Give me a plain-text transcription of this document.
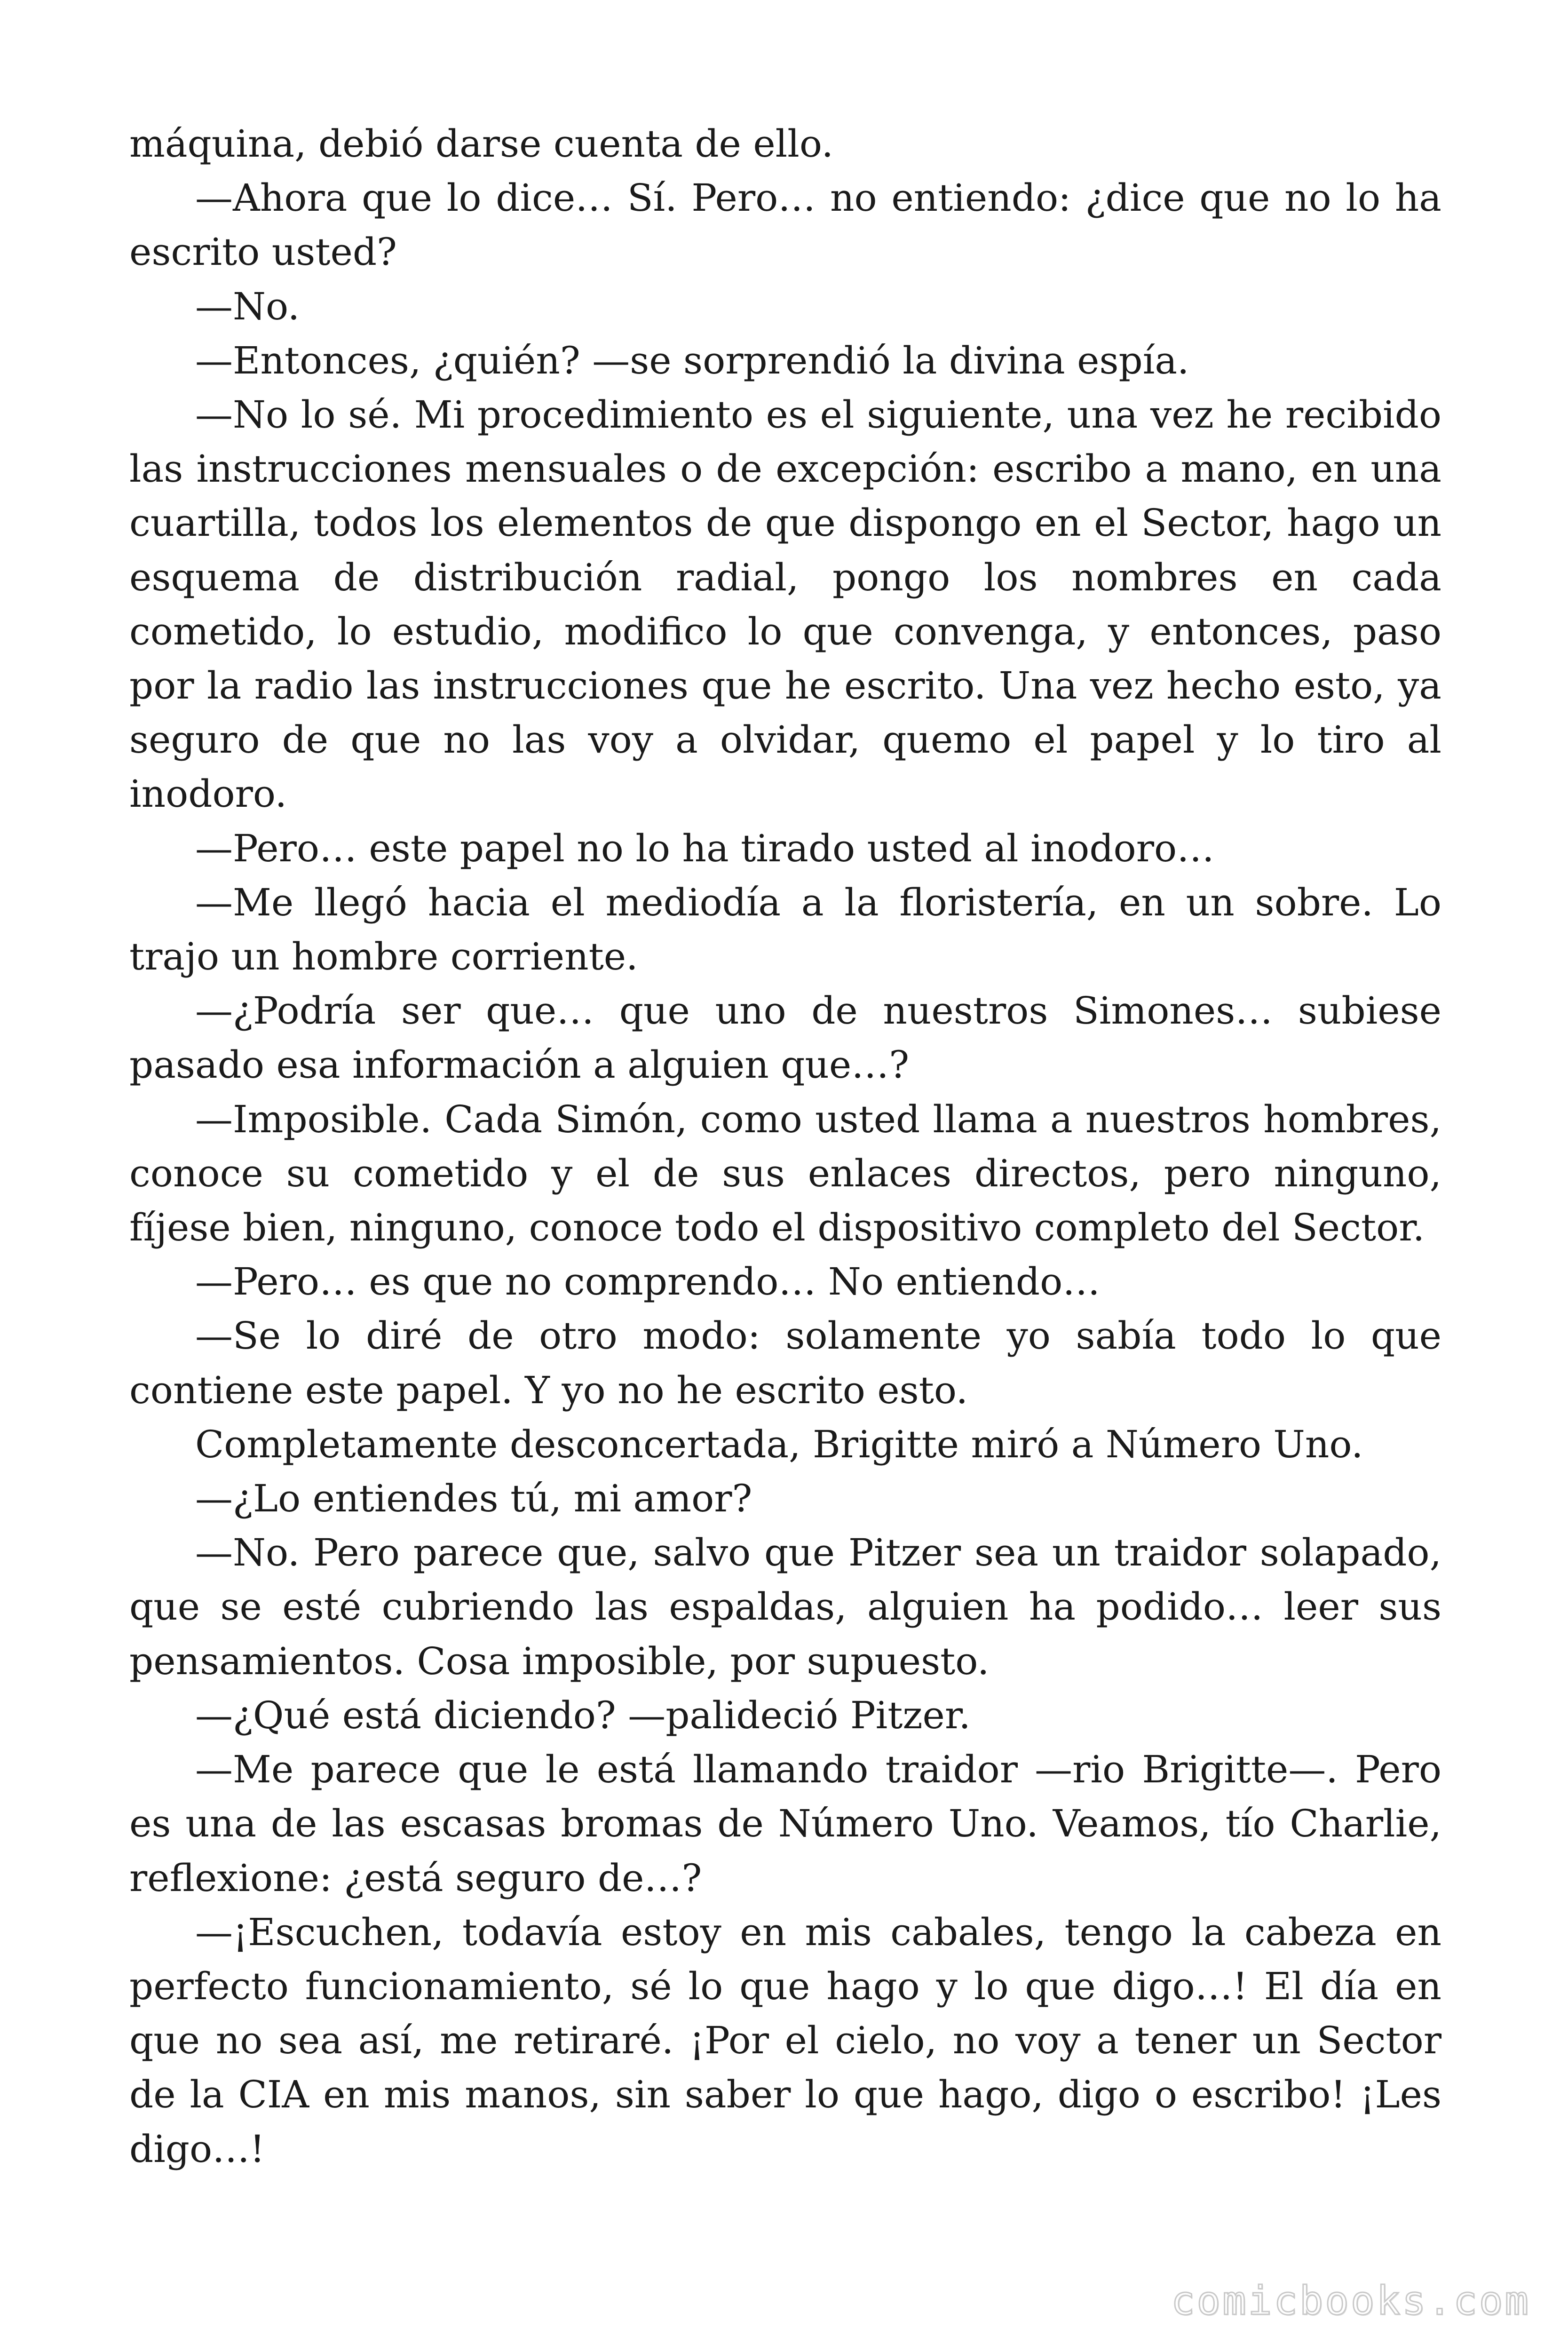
máquina, debió darse cuenta de ello.

—Ahora que lo dice… Sí. Pero… no entiendo: ¿dice que no lo ha escrito usted?

—No.

—Entonces, ¿quién? —se sorprendió la divina espía.

—No lo sé. Mi procedimiento es el siguiente, una vez he recibido las instrucciones mensuales o de excepción: escribo a mano, en una cuartilla, todos los elementos de que dispongo en el Sector, hago un esquema de distribución radial, pongo los nombres en cada cometido, lo estudio, modifico lo que convenga, y entonces, paso por la radio las instrucciones que he escrito. Una vez hecho esto, ya seguro de que no las voy a olvidar, quemo el papel y lo tiro al inodoro.

—Pero… este papel no lo ha tirado usted al inodoro…

—Me llegó hacia el mediodía a la floristería, en un sobre. Lo trajo un hombre corriente.

—¿Podría ser que… que uno de nuestros Simones… subiese pasado esa información a alguien que…?

—Imposible. Cada Simón, como usted llama a nuestros hombres, conoce su cometido y el de sus enlaces directos, pero ninguno, fíjese bien, ninguno, conoce todo el dispositivo completo del Sector.

—Pero… es que no comprendo… No entiendo…

—Se lo diré de otro modo: solamente yo sabía todo lo que contiene este papel. Y yo no he escrito esto.

Completamente desconcertada, Brigitte miró a Número Uno.

—¿Lo entiendes tú, mi amor?

—No. Pero parece que, salvo que Pitzer sea un traidor solapado, que se esté cubriendo las espaldas, alguien ha podido… leer sus pensamientos. Cosa imposible, por supuesto.

—¿Qué está diciendo? —palideció Pitzer.

—Me parece que le está llamando traidor —rio Brigitte—. Pero es una de las escasas bromas de Número Uno. Veamos, tío Charlie, reflexione: ¿está seguro de…?

—¡Escuchen, todavía estoy en mis cabales, tengo la cabeza en perfecto funcionamiento, sé lo que hago y lo que digo…! El día en que no sea así, me retiraré. ¡Por el cielo, no voy a tener un Sector de la CIA en mis manos, sin saber lo que hago, digo o escribo! ¡Les digo…!

comicbooks.com
